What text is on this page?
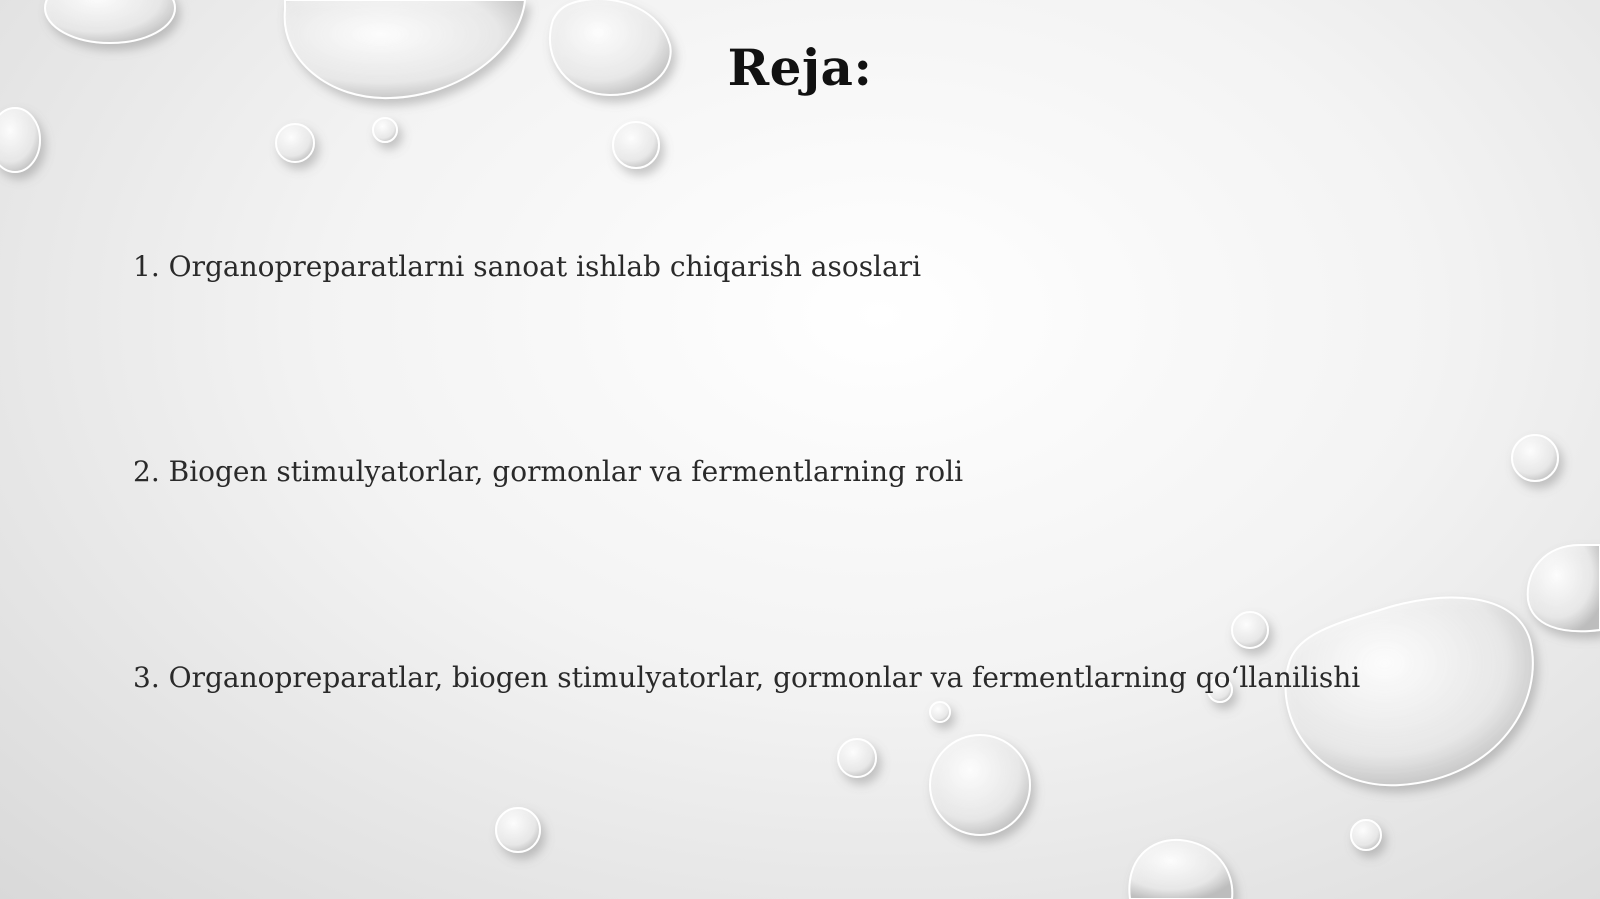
Reja:
1. Organopreparatlarni sanoat ishlab chiqarish asoslari
2. Biogen stimulyatorlar, gormonlar va fermentlarning roli
3. Organopreparatlar, biogen stimulyatorlar, gormonlar va fermentlarning qoʻllanilishi
